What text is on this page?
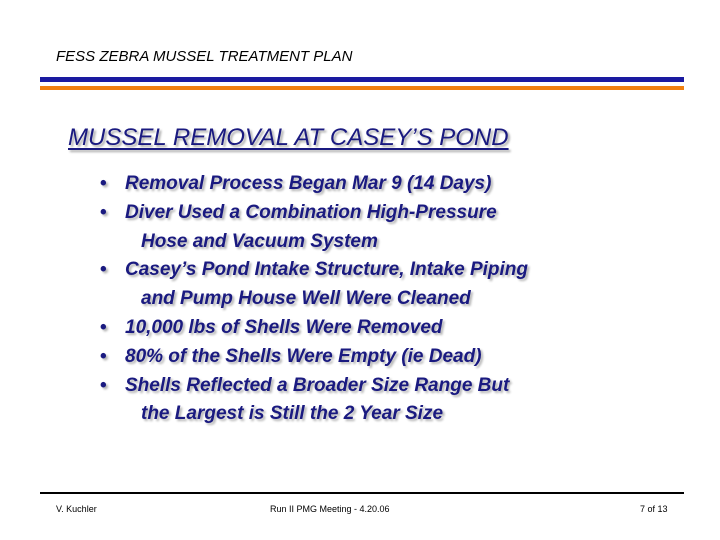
FESS ZEBRA MUSSEL TREATMENT PLAN
MUSSEL REMOVAL AT CASEY’S POND
• Removal Process Began Mar 9 (14 Days)
• Diver Used a Combination High-Pressure
Hose and Vacuum System
• Casey’s Pond Intake Structure, Intake Piping
and Pump House Well Were Cleaned
• 10,000 lbs of Shells Were Removed
• 80% of the Shells Were Empty (ie Dead)
• Shells Reflected a Broader Size Range But
the Largest is Still the 2 Year Size
V. Kuchler	Run II PMG Meeting - 4.20.06	7 of 13
